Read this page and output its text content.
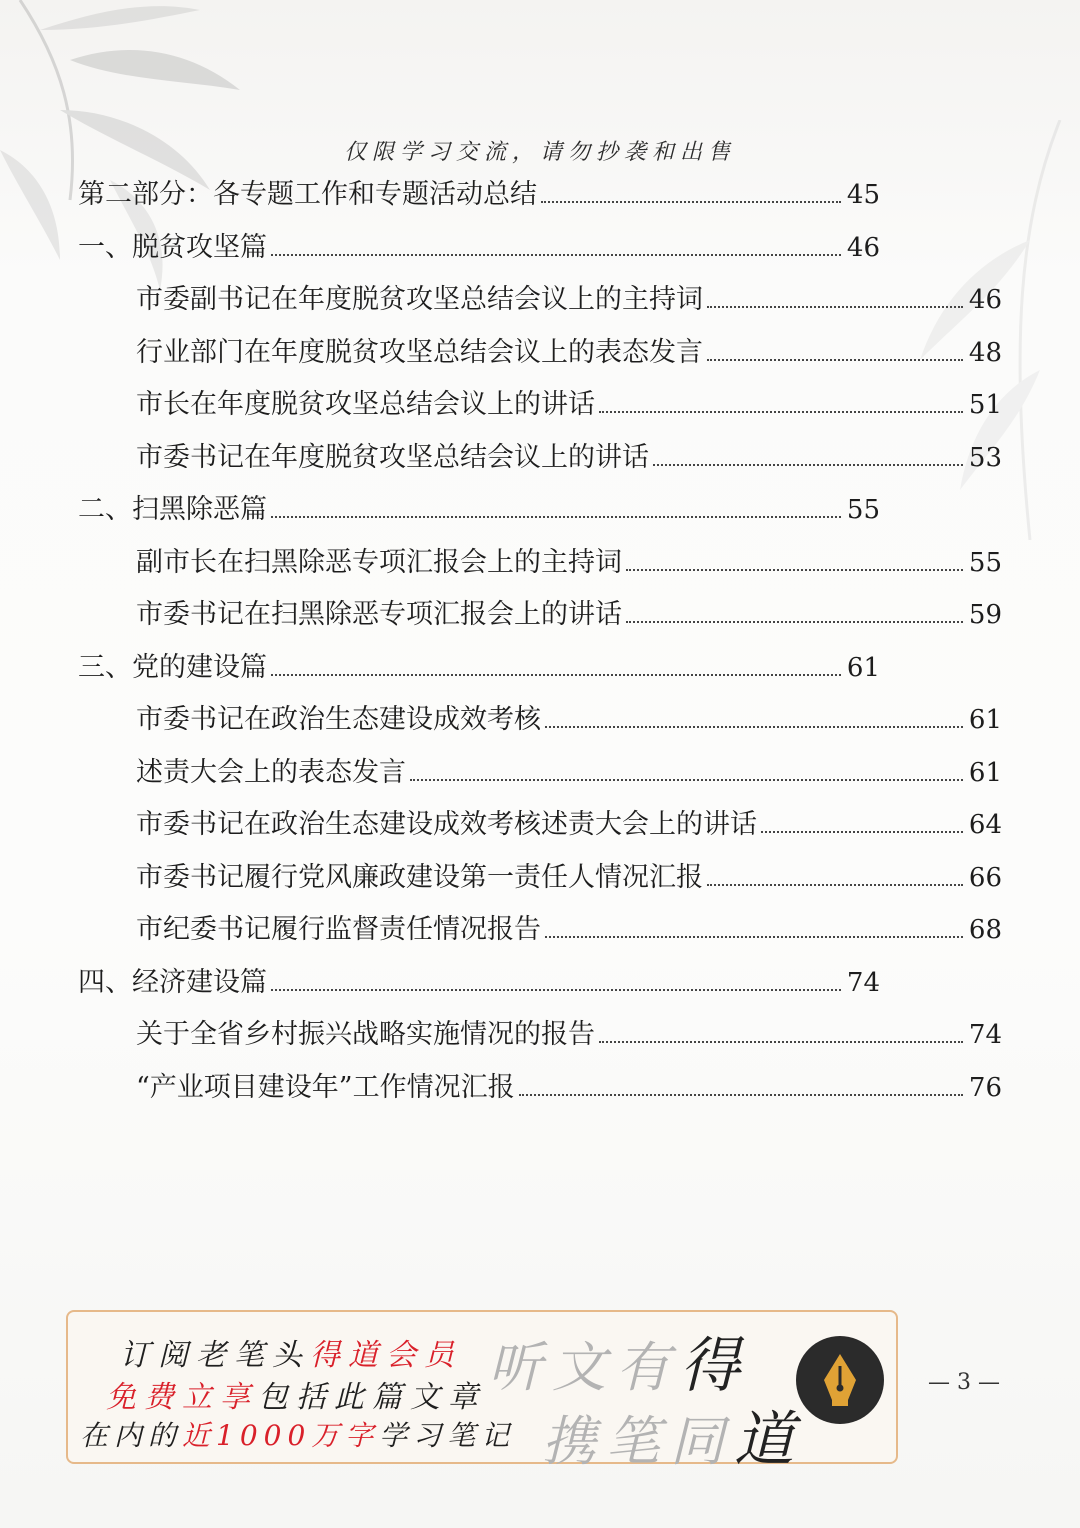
仅限学习交流，请勿抄袭和出售
第二部分：各专题工作和专题活动总结	45
一、脱贫攻坚篇	46
市委副书记在年度脱贫攻坚总结会议上的主持词	46
行业部门在年度脱贫攻坚总结会议上的表态发言	48
市长在年度脱贫攻坚总结会议上的讲话	51
市委书记在年度脱贫攻坚总结会议上的讲话	53
二、扫黑除恶篇	55
副市长在扫黑除恶专项汇报会上的主持词	55
市委书记在扫黑除恶专项汇报会上的讲话	59
三、党的建设篇	61
市委书记在政治生态建设成效考核	61
述责大会上的表态发言	61
市委书记在政治生态建设成效考核述责大会上的讲话	64
市委书记履行党风廉政建设第一责任人情况汇报	66
市纪委书记履行监督责任情况报告	68
四、经济建设篇	74
关于全省乡村振兴战略实施情况的报告	74
“产业项目建设年”工作情况汇报	76
订阅老笔头得道会员
免费立享包括此篇文章
在内的近1000万字学习笔记
听文有得
携笔同道
— 3 —
